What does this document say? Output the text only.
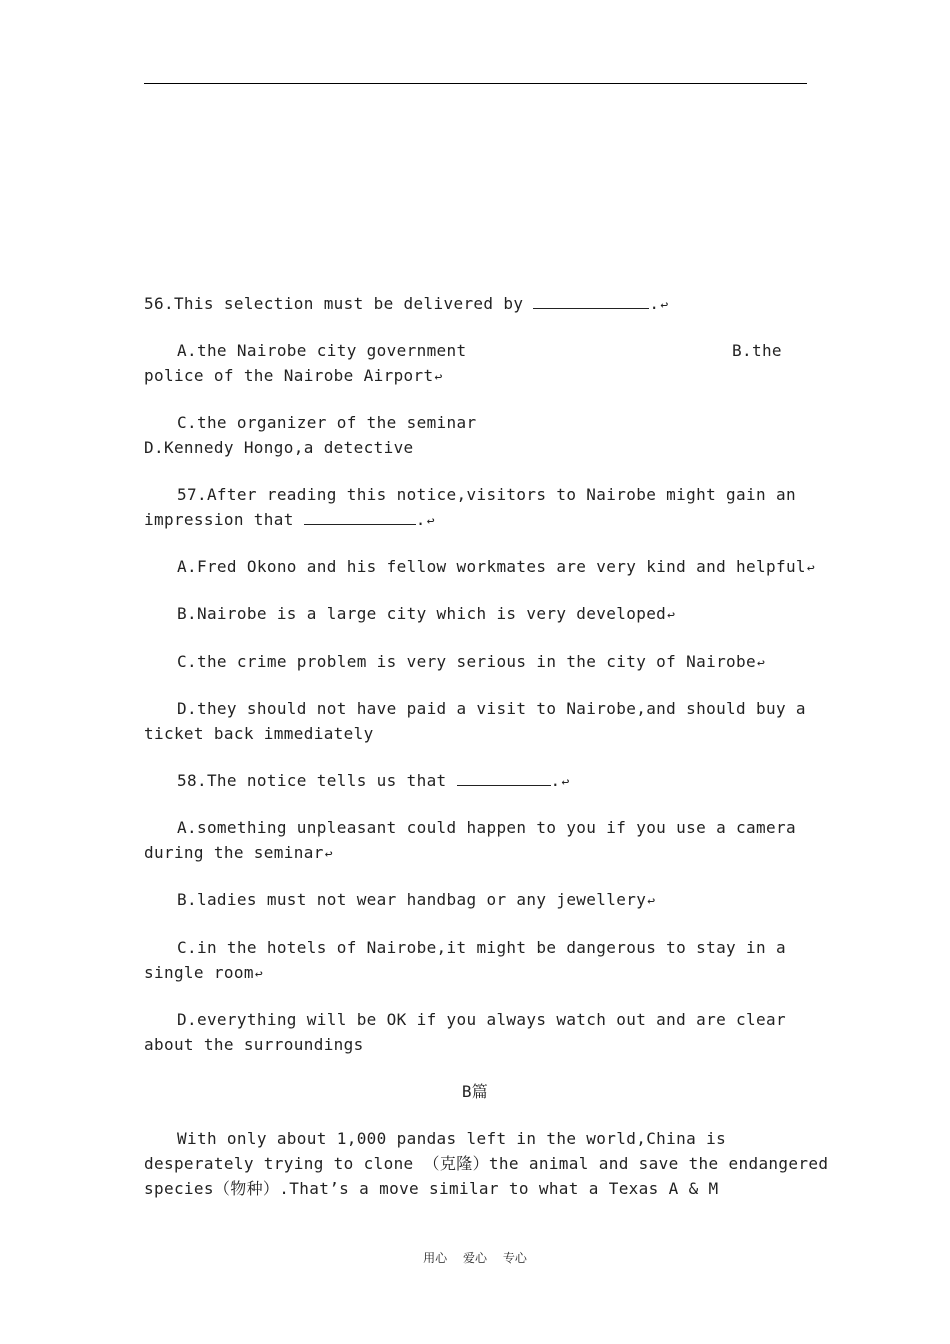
56.This selection must be delivered by	.↩
A.the Nairobe city government	B.the
police of the Nairobe Airport↩
C.the organizer of the seminar
D.Kennedy Hongo,a detective
57.After reading this notice,visitors to Nairobe might gain an
impression that	.↩
A.Fred Okono and his fellow workmates are very kind and helpful↩
B.Nairobe is a large city which is very developed↩
C.the crime problem is very serious in the city of Nairobe↩
D.they should not have paid a visit to Nairobe,and should buy a
ticket back immediately
58.The notice tells us that	.↩
A.something unpleasant could happen to you if you use a camera
during the seminar↩
B.ladies must not wear handbag or any jewellery↩
C.in the hotels of Nairobe,it might be dangerous to stay in a
single room↩
D.everything will be OK if you always watch out and are clear
about the surroundings
B篇
With only about 1,000 pandas left in the world,China is
desperately trying to clone （克隆）the animal and save the endangered
species（物种）.That’s a move similar to what a Texas A & M
用心 爱心 专心
